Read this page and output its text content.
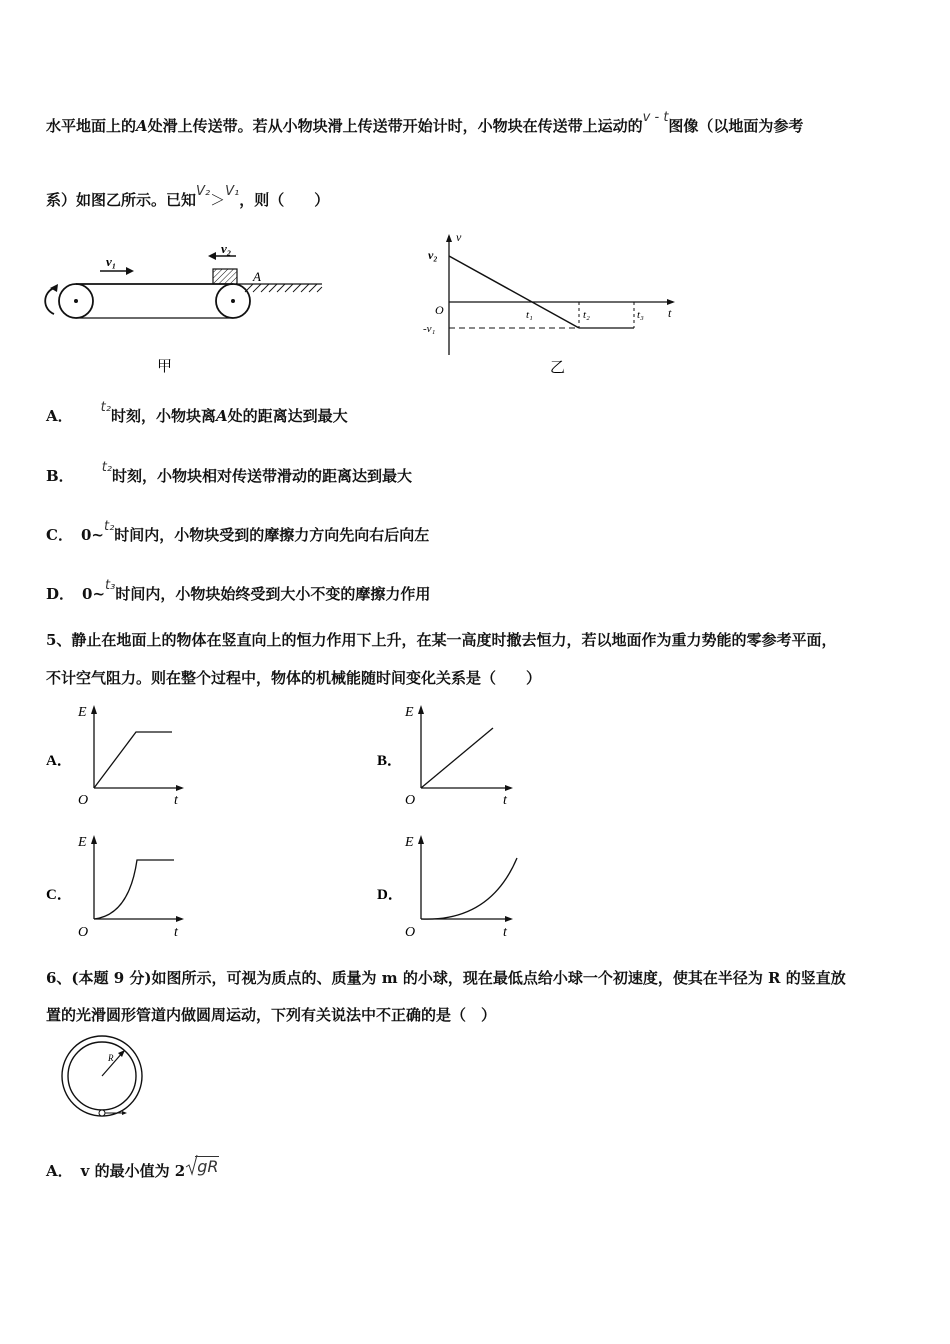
水平地面上的A处滑上传送带。若从小物块滑上传送带开始计时，小物块在传送带上运动的v - t图像（以地面为参考
系）如图乙所示。已知V₂＞V₁，则（　　）
v₁
v₂
A
甲
v
t
v₂
O
-v₁
t₁	t₂	t₃
乙
A． t₂时刻，小物块离A处的距离达到最大
B． t₂时刻，小物块相对传送带滑动的距离达到最大
C． 0~t₂时间内，小物块受到的摩擦力方向先向右后向左
D． 0~t₃时间内，小物块始终受到大小不变的摩擦力作用
5、静止在地面上的物体在竖直向上的恒力作用下上升，在某一高度时撤去恒力，若以地面作为重力势能的零参考平面，
不计空气阻力。则在整个过程中，物体的机械能随时间变化关系是（　　）
A．
E
O	t
B．
E
O	t
C．
E
O	t
D．
E
O	t
6、(本题 9 分)如图所示，可视为质点的、质量为 m 的小球，现在最低点给小球一个初速度，使其在半径为 R 的竖直放
置的光滑圆形管道内做圆周运动，下列有关说法中不正确的是（　）
R
A． v 的最小值为 2 gR
